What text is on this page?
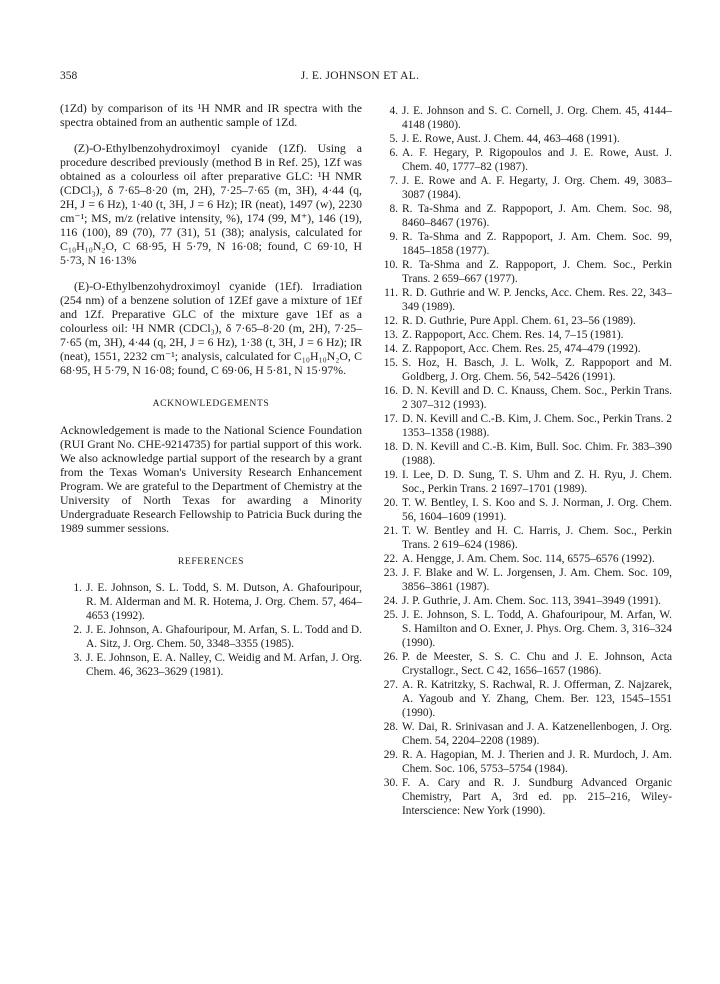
358	J. E. JOHNSON ET AL.

(1Zd) by comparison of its ¹H NMR and IR spectra with the spectra obtained from an authentic sample of 1Zd.

(Z)-O-Ethylbenzohydroximoyl cyanide (1Zf). Using a procedure described previously (method B in Ref. 25), 1Zf was obtained as a colourless oil after preparative GLC: ¹H NMR (CDCl₃), δ 7·65–8·20 (m, 2H), 7·25–7·65 (m, 3H), 4·44 (q, 2H, J = 6 Hz), 1·40 (t, 3H, J = 6 Hz); IR (neat), 1497 (w), 2230 cm⁻¹; MS, m/z (relative intensity, %), 174 (99, M⁺), 146 (19), 116 (100), 89 (70), 77 (31), 51 (38); analysis, calculated for C₁₀H₁₀N₂O, C 68·95, H 5·79, N 16·08; found, C 69·10, H 5·73, N 16·13%

(E)-O-Ethylbenzohydroximoyl cyanide (1Ef). Irradiation (254 nm) of a benzene solution of 1ZEf gave a mixture of 1Ef and 1Zf. Preparative GLC of the mixture gave 1Ef as a colourless oil: ¹H NMR (CDCl₃), δ 7·65–8·20 (m, 2H), 7·25–7·65 (m, 3H), 4·44 (q, 2H, J = 6 Hz), 1·38 (t, 3H, J = 6 Hz); IR (neat), 1551, 2232 cm⁻¹; analysis, calculated for C₁₀H₁₀N₂O, C 68·95, H 5·79, N 16·08; found, C 69·06, H 5·81, N 15·97%.

ACKNOWLEDGEMENTS

Acknowledgement is made to the National Science Foundation (RUI Grant No. CHE-9214735) for partial support of this work. We also acknowledge partial support of the research by a grant from the Texas Woman's University Research Enhancement Program. We are grateful to the Department of Chemistry at the University of North Texas for awarding a Minority Undergraduate Research Fellowship to Patricia Buck during the 1989 summer sessions.

REFERENCES
1. J. E. Johnson, S. L. Todd, S. M. Dutson, A. Ghafouripour, R. M. Alderman and M. R. Hotema, J. Org. Chem. 57, 464–4653 (1992).
2. J. E. Johnson, A. Ghafouripour, M. Arfan, S. L. Todd and D. A. Sitz, J. Org. Chem. 50, 3348–3355 (1985).
3. J. E. Johnson, E. A. Nalley, C. Weidig and M. Arfan, J. Org. Chem. 46, 3623–3629 (1981).
4. J. E. Johnson and S. C. Cornell, J. Org. Chem. 45, 4144–4148 (1980).
5. J. E. Rowe, Aust. J. Chem. 44, 463–468 (1991).
6. A. F. Hegary, P. Rigopoulos and J. E. Rowe, Aust. J. Chem. 40, 1777–82 (1987).
7. J. E. Rowe and A. F. Hegarty, J. Org. Chem. 49, 3083–3087 (1984).
8. R. Ta-Shma and Z. Rappoport, J. Am. Chem. Soc. 98, 8460–8467 (1976).
9. R. Ta-Shma and Z. Rappoport, J. Am. Chem. Soc. 99, 1845–1858 (1977).
10. R. Ta-Shma and Z. Rappoport, J. Chem. Soc., Perkin Trans. 2 659–667 (1977).
11. R. D. Guthrie and W. P. Jencks, Acc. Chem. Res. 22, 343–349 (1989).
12. R. D. Guthrie, Pure Appl. Chem. 61, 23–56 (1989).
13. Z. Rappoport, Acc. Chem. Res. 14, 7–15 (1981).
14. Z. Rappoport, Acc. Chem. Res. 25, 474–479 (1992).
15. S. Hoz, H. Basch, J. L. Wolk, Z. Rappoport and M. Goldberg, J. Org. Chem. 56, 542–5426 (1991).
16. D. N. Kevill and D. C. Knauss, Chem. Soc., Perkin Trans. 2 307–312 (1993).
17. D. N. Kevill and C.-B. Kim, J. Chem. Soc., Perkin Trans. 2 1353–1358 (1988).
18. D. N. Kevill and C.-B. Kim, Bull. Soc. Chim. Fr. 383–390 (1988).
19. I. Lee, D. D. Sung, T. S. Uhm and Z. H. Ryu, J. Chem. Soc., Perkin Trans. 2 1697–1701 (1989).
20. T. W. Bentley, I. S. Koo and S. J. Norman, J. Org. Chem. 56, 1604–1609 (1991).
21. T. W. Bentley and H. C. Harris, J. Chem. Soc., Perkin Trans. 2 619–624 (1986).
22. A. Hengge, J. Am. Chem. Soc. 114, 6575–6576 (1992).
23. J. F. Blake and W. L. Jorgensen, J. Am. Chem. Soc. 109, 3856–3861 (1987).
24. J. P. Guthrie, J. Am. Chem. Soc. 113, 3941–3949 (1991).
25. J. E. Johnson, S. L. Todd, A. Ghafouripour, M. Arfan, W. S. Hamilton and O. Exner, J. Phys. Org. Chem. 3, 316–324 (1990).
26. P. de Meester, S. S. C. Chu and J. E. Johnson, Acta Crystallogr., Sect. C 42, 1656–1657 (1986).
27. A. R. Katritzky, S. Rachwal, R. J. Offerman, Z. Najzarek, A. Yagoub and Y. Zhang, Chem. Ber. 123, 1545–1551 (1990).
28. W. Dai, R. Srinivasan and J. A. Katzenellenbogen, J. Org. Chem. 54, 2204–2208 (1989).
29. R. A. Hagopian, M. J. Therien and J. R. Murdoch, J. Am. Chem. Soc. 106, 5753–5754 (1984).
30. F. A. Cary and R. J. Sundburg Advanced Organic Chemistry, Part A, 3rd ed. pp. 215–216, Wiley-Interscience: New York (1990).
